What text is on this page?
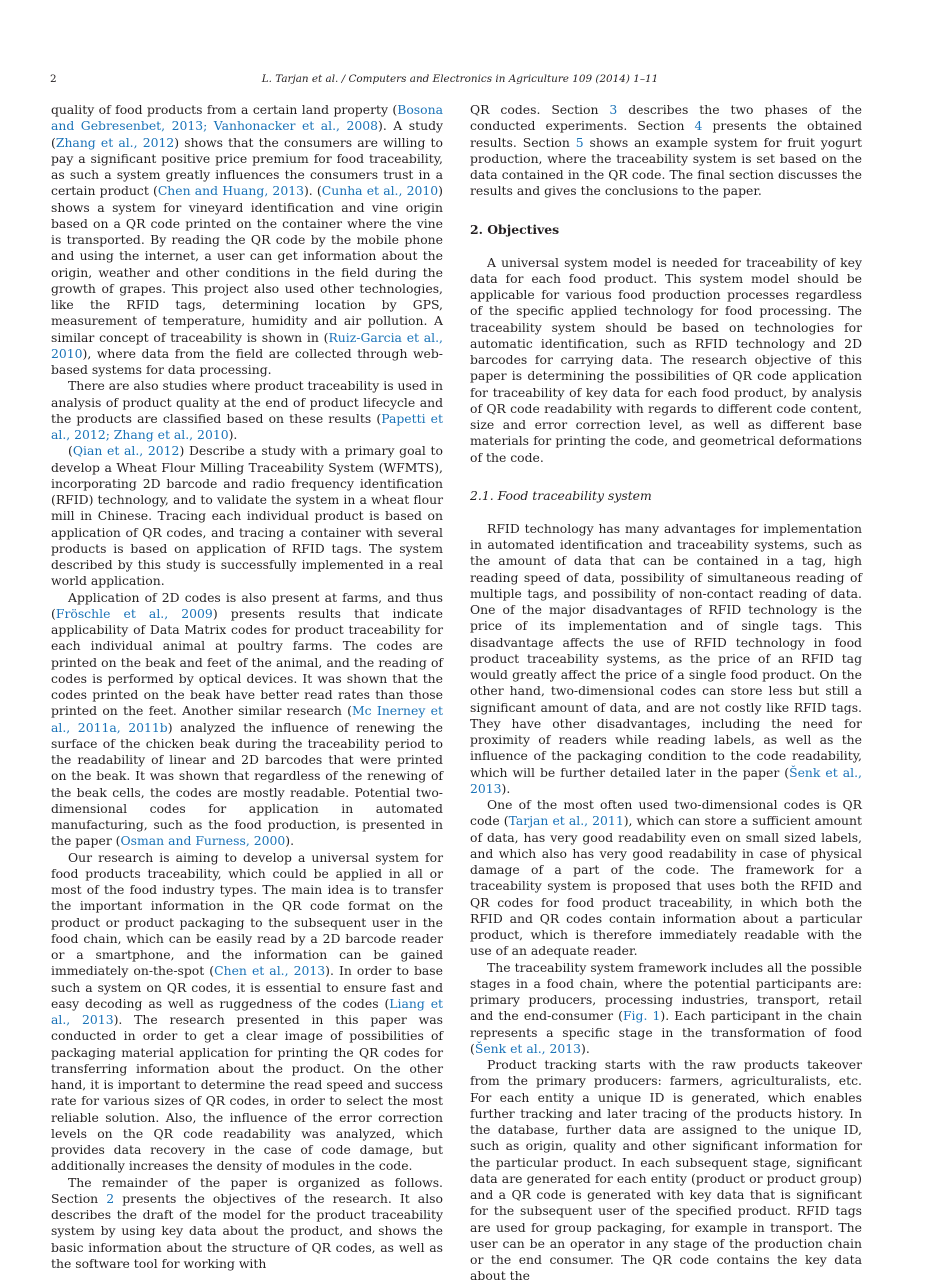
2	L. Tarjan et al. / Computers and Electronics in Agriculture 109 (2014) 1–11

quality of food products from a certain land property (Bosona and Gebresenbet, 2013; Vanhonacker et al., 2008). A study (Zhang et al., 2012) shows that the consumers are willing to pay a significant positive price premium for food traceability, as such a system greatly influences the consumers trust in a certain product (Chen and Huang, 2013). (Cunha et al., 2010) shows a system for vineyard identification and vine origin based on a QR code printed on the container where the vine is transported. By reading the QR code by the mobile phone and using the internet, a user can get information about the origin, weather and other conditions in the field during the growth of grapes. This project also used other technologies, like the RFID tags, determining location by GPS, measurement of temperature, humidity and air pollution. A similar concept of traceability is shown in (Ruiz-Garcia et al., 2010), where data from the field are collected through web-based systems for data processing.

There are also studies where product traceability is used in analysis of product quality at the end of product lifecycle and the products are classified based on these results (Papetti et al., 2012; Zhang et al., 2010).

(Qian et al., 2012) Describe a study with a primary goal to develop a Wheat Flour Milling Traceability System (WFMTS), incorporating 2D barcode and radio frequency identification (RFID) technology, and to validate the system in a wheat flour mill in Chinese. Tracing each individual product is based on application of QR codes, and tracing a container with several products is based on application of RFID tags. The system described by this study is successfully implemented in a real world application.

Application of 2D codes is also present at farms, and thus (Fröschle et al., 2009) presents results that indicate applicability of Data Matrix codes for product traceability for each individual animal at poultry farms. The codes are printed on the beak and feet of the animal, and the reading of codes is performed by optical devices. It was shown that the codes printed on the beak have better read rates than those printed on the feet. Another similar research (Mc Inerney et al., 2011a, 2011b) analyzed the influence of renewing the surface of the chicken beak during the traceability period to the readability of linear and 2D barcodes that were printed on the beak. It was shown that regardless of the renewing of the beak cells, the codes are mostly readable. Potential two-dimensional codes for application in automated manufacturing, such as the food production, is presented in the paper (Osman and Furness, 2000).

Our research is aiming to develop a universal system for food products traceability, which could be applied in all or most of the food industry types. The main idea is to transfer the important information in the QR code format on the product or product packaging to the subsequent user in the food chain, which can be easily read by a 2D barcode reader or a smartphone, and the information can be gained immediately on-the-spot (Chen et al., 2013). In order to base such a system on QR codes, it is essential to ensure fast and easy decoding as well as ruggedness of the codes (Liang et al., 2013). The research presented in this paper was conducted in order to get a clear image of possibilities of packaging material application for printing the QR codes for transferring information about the product. On the other hand, it is important to determine the read speed and success rate for various sizes of QR codes, in order to select the most reliable solution. Also, the influence of the error correction levels on the QR code readability was analyzed, which provides data recovery in the case of code damage, but additionally increases the density of modules in the code.

The remainder of the paper is organized as follows. Section 2 presents the objectives of the research. It also describes the draft of the model for the product traceability system by using key data about the product, and shows the basic information about the structure of QR codes, as well as the software tool for working with

QR codes. Section 3 describes the two phases of the conducted experiments. Section 4 presents the obtained results. Section 5 shows an example system for fruit yogurt production, where the traceability system is set based on the data contained in the QR code. The final section discusses the results and gives the conclusions to the paper.

2. Objectives

A universal system model is needed for traceability of key data for each food product. This system model should be applicable for various food production processes regardless of the specific applied technology for food processing. The traceability system should be based on technologies for automatic identification, such as RFID technology and 2D barcodes for carrying data. The research objective of this paper is determining the possibilities of QR code application for traceability of key data for each food product, by analysis of QR code readability with regards to different code content, size and error correction level, as well as different base materials for printing the code, and geometrical deformations of the code.

2.1. Food traceability system

RFID technology has many advantages for implementation in automated identification and traceability systems, such as the amount of data that can be contained in a tag, high reading speed of data, possibility of simultaneous reading of multiple tags, and possibility of non-contact reading of data. One of the major disadvantages of RFID technology is the price of its implementation and of single tags. This disadvantage affects the use of RFID technology in food product traceability systems, as the price of an RFID tag would greatly affect the price of a single food product. On the other hand, two-dimensional codes can store less but still a significant amount of data, and are not costly like RFID tags. They have other disadvantages, including the need for proximity of readers while reading labels, as well as the influence of the packaging condition to the code readability, which will be further detailed later in the paper (Šenk et al., 2013).

One of the most often used two-dimensional codes is QR code (Tarjan et al., 2011), which can store a sufficient amount of data, has very good readability even on small sized labels, and which also has very good readability in case of physical damage of a part of the code. The framework for a traceability system is proposed that uses both the RFID and QR codes for food product traceability, in which both the RFID and QR codes contain information about a particular product, which is therefore immediately readable with the use of an adequate reader.

The traceability system framework includes all the possible stages in a food chain, where the potential participants are: primary producers, processing industries, transport, retail and the end-consumer (Fig. 1). Each participant in the chain represents a specific stage in the transformation of food (Šenk et al., 2013).

Product tracking starts with the raw products takeover from the primary producers: farmers, agriculturalists, etc. For each entity a unique ID is generated, which enables further tracking and later tracing of the products history. In the database, further data are assigned to the unique ID, such as origin, quality and other significant information for the particular product. In each subsequent stage, significant data are generated for each entity (product or product group) and a QR code is generated with key data that is significant for the subsequent user of the specified product. RFID tags are used for group packaging, for example in transport. The user can be an operator in any stage of the production chain or the end consumer. The QR code contains the key data about the
